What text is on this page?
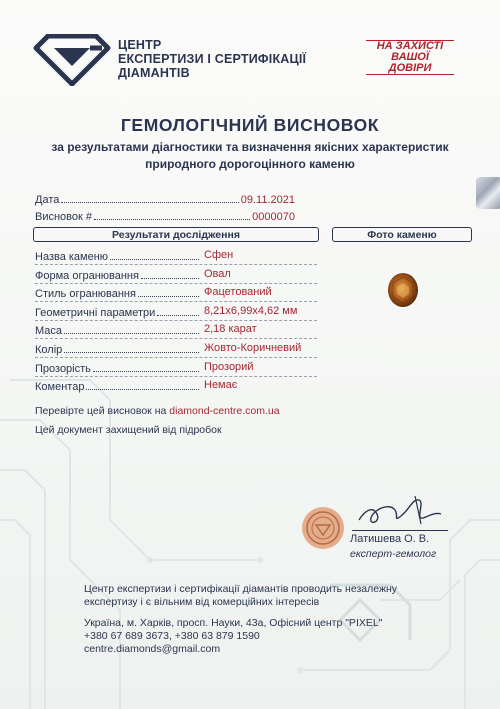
ЦЕНТР
ЕКСПЕРТИЗИ І СЕРТИФІКАЦІЇ
ДІАМАНТІВ
НА ЗАХИСТІ
ВАШОЇ
ДОВІРИ
ГЕМОЛОГІЧНИЙ ВИСНОВОК
за результатами діагностики та визначення якісних характеристик
природного дорогоцінного каменю
Дата	09.11.2021
Висновок #	0000070
Результати дослідження	Фото каменю
Назва каменю	Сфен
Форма огранювання	Овал
Стиль огранювання	Фацетований
Геометричні параметри	8,21x6,99x4,62 мм
Маса	2,18 карат
Колір	Жовто-Коричневий
Прозорість	Прозорий
Коментар	Немає
Перевірте цей висновок на diamond-centre.com.ua
Цей документ захищений від підробок
Латишева О. В.
експерт-гемолог
Центр експертизи і сертифікації діамантів проводить незалежну
експертизу і є вільним від комерційних інтересів
Україна, м. Харків, просп. Науки, 43а, Офісний центр "PIXEL"
+380 67 689 3673, +380 63 879 1590
centre.diamonds@gmail.com
